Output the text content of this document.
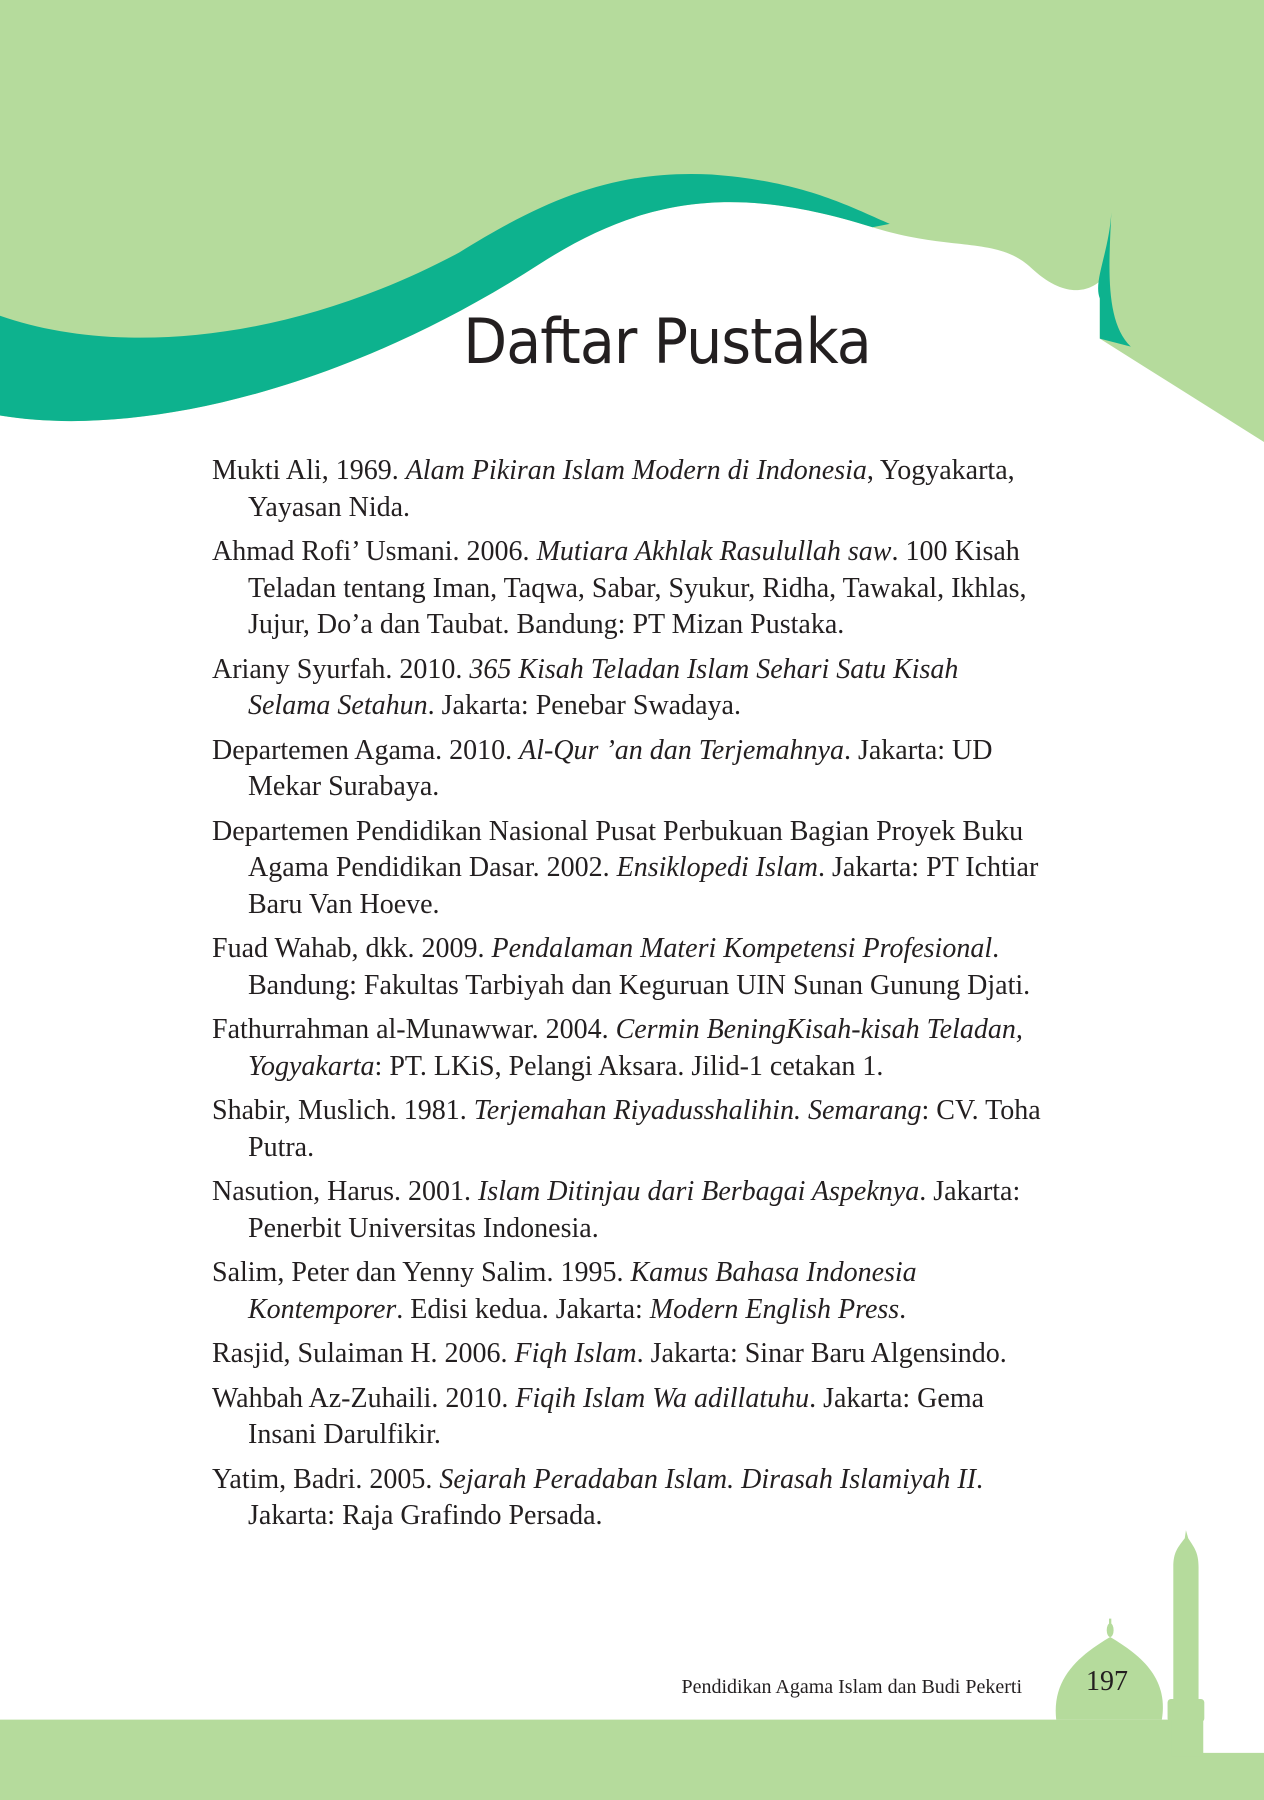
Daftar Pustaka
Mukti Ali, 1969. Alam Pikiran Islam Modern di Indonesia, Yogyakarta,
Yayasan Nida.
Ahmad Rofi’ Usmani. 2006. Mutiara Akhlak Rasulullah saw. 100 Kisah
Teladan tentang Iman, Taqwa, Sabar, Syukur, Ridha, Tawakal, Ikhlas,
Jujur, Do’a dan Taubat. Bandung: PT Mizan Pustaka.
Ariany Syurfah. 2010. 365 Kisah Teladan Islam Sehari Satu Kisah
Selama Setahun. Jakarta: Penebar Swadaya.
Departemen Agama. 2010. Al-Qur ’an dan Terjemahnya. Jakarta: UD
Mekar Surabaya.
Departemen Pendidikan Nasional Pusat Perbukuan Bagian Proyek Buku
Agama Pendidikan Dasar. 2002. Ensiklopedi Islam. Jakarta: PT Ichtiar
Baru Van Hoeve.
Fuad Wahab, dkk. 2009. Pendalaman Materi Kompetensi Profesional.
Bandung: Fakultas Tarbiyah dan Keguruan UIN Sunan Gunung Djati.
Fathurrahman al-Munawwar. 2004. Cermin BeningKisah-kisah Teladan,
Yogyakarta: PT. LKiS, Pelangi Aksara. Jilid-1 cetakan 1.
Shabir, Muslich. 1981. Terjemahan Riyadusshalihin. Semarang: CV. Toha
Putra.
Nasution, Harus. 2001. Islam Ditinjau dari Berbagai Aspeknya. Jakarta:
Penerbit Universitas Indonesia.
Salim, Peter dan Yenny Salim. 1995. Kamus Bahasa Indonesia
Kontemporer. Edisi kedua. Jakarta: Modern English Press.
Rasjid, Sulaiman H. 2006. Fiqh Islam. Jakarta: Sinar Baru Algensindo.
Wahbah Az-Zuhaili. 2010. Fiqih Islam Wa adillatuhu. Jakarta: Gema
Insani Darulfikir.
Yatim, Badri. 2005. Sejarah Peradaban Islam. Dirasah Islamiyah II.
Jakarta: Raja Grafindo Persada.
Pendidikan Agama Islam dan Budi Pekerti 197
